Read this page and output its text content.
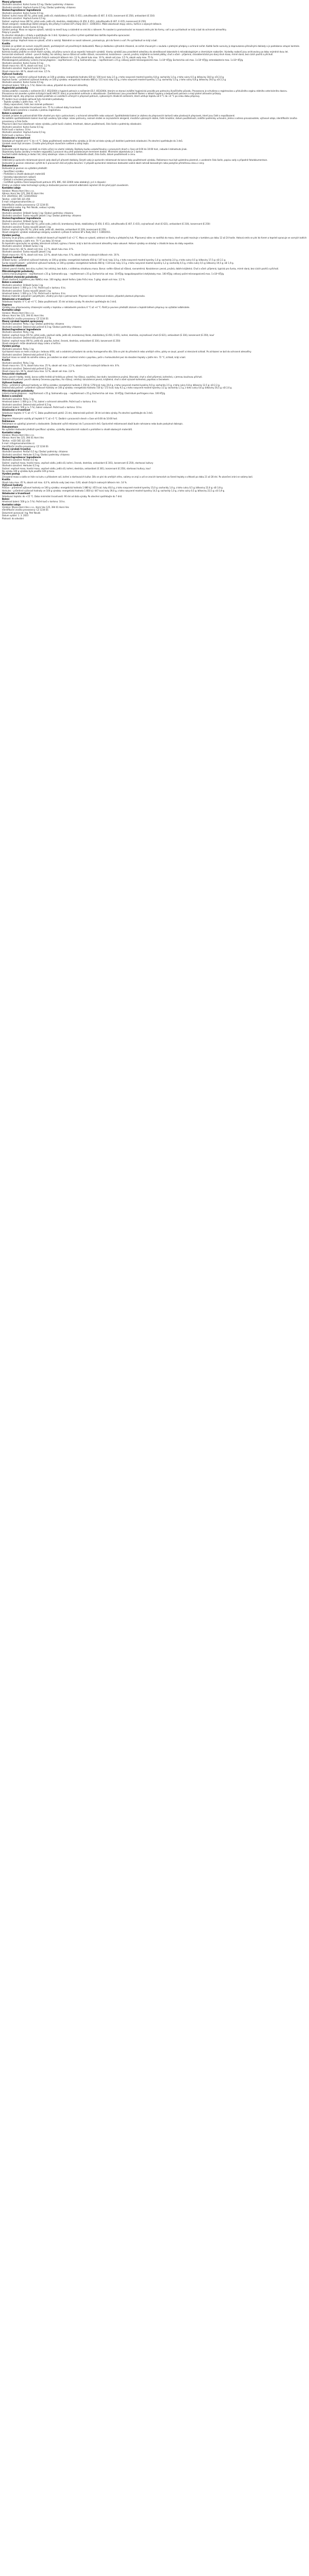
Masný přípravek

Obchodní označení: Kuřecí šunka 0,5 kg / Dodací podmínky: chlazeno

Obchodní označení: Vepřová šunka 0,5 kg / Dodací podmínky: chlazeno

Složení/Ingredience/ Ingrediencie

Obchodní označení: Kuřecí šunka 0,5 kg

Složení: kuřecí maso (85 %), pitná voda, jedlá sůl, stabilizátory (E 450, E 451), zahušťovadla (E 407, E 415), konzervant (E 250), antioxidant (E 316)

Obchodní označení: Vepřová šunka 0,5 kg

Složení: vepřové maso (80 %), pitná voda, jedlá sůl, dextróza, stabilizátory (E 450, E 451), zahušťovadla (E 407, E 415), konzervant (E 250)

Obsah alergenů: neobsahuje žádné alergeny dle přílohy II nařízení EP a Rady (EU) č. 1169/2011. Může obsahovat stopy celeru, hořčice a sójových bílkovin.

Obchodní označení: Kuřecí šunka 0,5 kg

Výrobní postup: Maso se nejprve vykostí, nakrájí na menší kusy a následně se smíchá s nálevem. Po nasolení a promasírování se masová směs plní do formy, vaří a po vychladnutí se krájí a balí do ochranné atmosféry.

Pokyny k použití:

Po otevření skladujte v chladu a spotřebujte do 3 dnů. Výrobek je určen k přímé spotřebě bez dalšího tepelného opracování.

Obchodní označení: Vepřová šunka 0,5 kg

Výrobní postup: Vepřové maso se vykostí, očistí a nakrájí. Následně se nasolí nálevem, promasíruje, plní do forem a vaří. Po vychladnutí se krájí a balí.

Kvalita

Výrobek je vyráběn ze surovin nejvyšší jakosti, pocházejících od prověřených dodavatelů. Maso je dodáváno výhradně chlazené, ze zvířat chovaných v souladu s platnými předpisy o ochraně zvířat. Každá šarže suroviny je doprovázena příslušnými doklady a je podrobena vstupní kontrole. Teplota masa při příjmu nesmí překročit 4 °C.

Kontrola kvality probíhá ve všech fázích výroby, od příjmu surovin až po expedici hotových výrobků. Vzorky výrobků jsou pravidelně odesílány do akreditované laboratoře k mikrobiologickým a chemickým rozborům. Výsledky rozborů jsou archivovány po dobu nejméně dvou let.

Senzorické vlastnosti: vzhled – povrch hladký, řez celistvý, barva růžová až světle růžová, rovnoměrná; konzistence – pevná, pružná, krájitelná na tenké plátky; chuť a vůně – příjemná, charakteristická pro daný druh masa, mírně slaná, bez cizích pachů a příchutí.

Fyzikálně-chemické požadavky: obsah čistých svalových bílkovin min. 13 %, obsah tuku max. 10 %, obsah soli max. 2,5 %, obsah vody max. 75 %.

Mikrobiologické požadavky: Listeria monocytogenes – nepřítomnost v 25 g; Salmonella spp. – nepřítomnost v 25 g; celkový počet mikroorganismů max. 1×10⁵ KTJ/g; Escherichia coli max. 1×10² KTJ/g; enterobakterie max. 1×10³ KTJ/g.

Obchodní označení: Kuřecí šunka 0,5 kg

Obsah masa min. 85 %, obsah soli max. 2,2 %.

Obchodní označení: Vepřová šunka 0,5 kg

Obsah masa min. 80 %, obsah soli max. 2,5 %.

Výživové hodnoty

Kuřecí šunka – průměrné výživové hodnoty ve 100 g výrobku: energetická hodnota 420 kJ / 100 kcal; tuky 2,5 g, z toho nasycené mastné kyseliny 0,8 g; sacharidy 1,0 g, z toho cukry 0,5 g; bílkoviny 18,0 g; sůl 2,0 g.

Vepřová šunka – průměrné výživové hodnoty ve 100 g výrobku: energetická hodnota 480 kJ / 115 kcal; tuky 4,0 g, z toho nasycené mastné kyseliny 1,5 g; sacharidy 1,0 g, z toho cukry 0,8 g; bílkoviny 19,0 g; sůl 2,3 g.

Obchodní označení: Kuřecí šunka 0,5 kg

Hmotnost balení: 500 g (± 5 %). Balení do vakua, případně do ochranné atmosféry.

Hygienické požadavky

Výroba probíhá v souladu s nařízením ES č. 852/2004 o hygieně potravin a nařízením ES č. 853/2004, kterým se stanoví zvláštní hygienická pravidla pro potraviny živočišného původu. Provozovna je schválena a registrována u příslušného orgánu státního veterinárního dozoru.

Provozovna má zaveden systém kritických bodů HACCP, který je pravidelně ověřován a aktualizován. Zaměstnanci jsou pravidelně školeni v oblasti hygieny a bezpečnosti potravin a mají platné zdravotní průkazy.

Dodavatel zajistí, aby přeprava výrobků probíhala ve vozidlech určených k přepravě potravin, vybavených chladicím zařízením, které udržuje teplotu od 0 °C do +4 °C po celou dobu přepravy.

Při dodání musí výrobek splňovat tyto minimální požadavky:

– Teplota výrobku v jádře max. +4 °C

– Obaly neporušené, čisté, bez známek poškození

– Zbývající doba minimální trvanlivosti min. 75 % z celkové doby trvanlivosti

– Každé balení označeno v souladu s platnou legislativou

Balení a označení

Výrobek je balen do potravinářské fólie vhodné pro styk s potravinami, v ochranné atmosféře nebo vakuově. Spotřebitelské balení je vloženo do přepravních kartonů nebo plastových přepravek, které jsou čisté a nepoškozené.

Na každém spotřebitelském balení musí být uvedeny tyto údaje: název potraviny, seznam složek se zvýrazněním alergenů, množství vybraných složek, čisté množství, datum použitelnosti, zvláštní podmínky uchování, jméno a adresa provozovatele, výživové údaje, identifikační značka provozovny a číslo šarže.

Přepravní obal musí obsahovat: název výrobku, počet kusů v balení, hmotnost, datum použitelnosti, číslo šarže a podmínky skladování.

Obchodní označení: Kuřecí šunka 0,5 kg

Počet kusů v kartonu: 10 ks

Obchodní označení: Vepřová šunka 0,5 kg

Počet kusů v kartonu: 10 ks

Skladování a trvanlivost

Skladujte při teplotě od 0 °C do +4 °C. Doba použitelnosti neotevřeného výrobku je 30 dní od data výroby při dodržení podmínek skladování. Po otevření spotřebujte do 3 dnů.

Výrobek nesmí být zmrazen. Chraňte před přímým slunečním světlem a zdroji tepla.

Doprava

Dodavatel zajistí dopravu výrobků na místo určení na vlastní náklady. Dodávky budou uskutečňovány v pracovních dnech v čase od 6:00 do 10:00 hod., nebude-li dohodnuto jinak.

Objednávky budou zasílány e-mailem nejpozději 2 pracovní dny před požadovaným termínem dodání. Minimální objednávka je 1 karton.

Součástí každé dodávky je dodací list, který obsahuje: název a množství dodaného zboží, číslo šarže, datum použitelnosti a cenu.

Reklamace

Odběratel je oprávněn reklamovat zjevné vady zboží při převzetí dodávky. Skryté vady je oprávněn reklamovat do konce doby použitelnosti výrobku. Reklamace musí být uplatněna písemně, s uvedením čísla šarže, popisu vady a případně fotodokumentace.

Dodavatel je povinen reklamaci vyřídit do 5 pracovních dnů od jejího doručení. V případě oprávněné reklamace dodavatel vadné zboží nahradí bezvadným nebo poskytne přiměřenou slevu z ceny.

Dokumentace

Dodavatel je povinen na vyžádání předložit:

– Specifikaci výrobku

– Prohlášení o shodě obalových materiálů

– Výsledky laboratorních rozborů

– Doklad o schválení provozovny

– Certifikát systému řízení bezpečnosti potravin (IFS, BRC, ISO 22000 nebo obdobný), je-li k dispozici

Změny ve složení nebo technologii výroby je dodavatel povinen oznámit odběrateli nejméně 30 dní před jejich zavedením.

Kontaktní údaje

Výrobce: Masna Horní Ves s.r.o.

Adresa: Horní Ves 125, 394 01 Horní Ves

IČO: 28145632, DIČ: CZ28145632

Telefon: +420 565 321 456

E-mail: info@masnahorniVes.cz

Identifikační značka provozovny: CZ 1234 ES

Odpovědná osoba: Ing. Petr Novák, vedoucí výroby

Masný přípravek

Obchodní označení: Drůbeží šunka 1 kg / Dodací podmínky: chlazeno

Obchodní označení: Šunka nejvyšší jakosti 1 kg / Dodací podmínky: chlazeno

Složení/Ingredience/ Ingrediencie

Obchodní označení: Drůbeží šunka 1 kg

Složení: kuřecí a krůtí maso (82 %), pitná voda, jedlá sůl, bramborový škrob, stabilizátory (E 450, E 451), zahušťovadla (E 407, E 415), zvýrazňovač chuti (E 621), antioxidant (E 316), konzervant (E 250)

Obchodní označení: Šunka nejvyšší jakosti 1 kg

Složení: vepřová kýta (92 %), pitná voda, jedlá sůl, dextróza, antioxidant (E 316), konzervant (E 250)

Obsah alergenů: výrobek neobsahuje alergeny uvedené v příloze II nařízení EP a Rady (EU) č. 1169/2011.

Výrobní postup

Suroviny se po příjmu uskladní v chladicích boxech při teplotě 0 až +2 °C. Maso se vykostí, odstraní se šlachy a přebytečný tuk. Připravený nálev se nastříká do masa, které se poté masíruje v tumbleru po dobu 12 až 24 hodin. Hotová směs se plní do forem a tepelně opracuje ve varných kotlích do dosažení teploty v jádře min. 70 °C po dobu 10 minut.

Po tepelném opracování se výrobky intenzivně zchladí, vyjmou z forem, krájí a balí do ochranné atmosféry nebo vakuově. Hotové výrobky se skladují v chladicím boxu do doby expedice.

Obchodní označení: Drůbeží šunka 1 kg

Obsah masa min. 82 %, obsah soli max. 2,2 %, obsah tuku max. 8 %.

Obchodní označení: Šunka nejvyšší jakosti 1 kg

Obsah masa min. 92 %, obsah soli max. 2,0 %, obsah tuku max. 6 %, obsah čistých svalových bílkovin min. 16 %.

Výživové hodnoty

Drůbeží šunka – průměrné výživové hodnoty ve 100 g výrobku: energetická hodnota 450 kJ / 107 kcal; tuky 3,0 g, z toho nasycené mastné kyseliny 1,0 g; sacharidy 2,0 g, z toho cukry 0,5 g; bílkoviny 17,5 g; sůl 2,1 g.

Šunka nejvyšší jakosti – průměrné výživové hodnoty ve 100 g výrobku: energetická hodnota 460 kJ / 110 kcal; tuky 3,5 g, z toho nasycené mastné kyseliny 1,2 g; sacharidy 0,5 g, z toho cukry 0,5 g; bílkoviny 19,5 g; sůl 1,9 g.

Senzorické vlastnosti

Vzhled: povrch hladký, bez slizu a plísní; řez celistvý, bez dutin, s viditelnou strukturou masa. Barva: světle růžová až růžová, rovnoměrná. Konzistence: pevná, pružná, dobře krájitelná. Chuť a vůně: příjemná, typická pro šunku, mírně slaná, bez cizích pachů a příchutí.

Mikrobiologické požadavky

Listeria monocytogenes – nepřítomnost v 25 g; Salmonella spp. – nepřítomnost v 25 g; Escherichia coli max. 10 KTJ/g; koagulázopozitivní stafylokoky max. 100 KTJ/g; celkový počet mikroorganismů max. 1×10⁵ KTJ/g.

Fyzikálně-chemické požadavky

Obsah dusitanů (vyjádřeno jako NaNO₂) max. 100 mg/kg; obsah fosforu (jako P₂O₅) max. 5 g/kg; obsah soli max. 2,5 %.

Balení a označení

Obchodní označení: Drůbeží šunka 1 kg

Hmotnost balení: 1 000 g (± 5 %). Počet kusů v kartonu: 6 ks.

Obchodní označení: Šunka nejvyšší jakosti 1 kg

Hmotnost balení: 1 000 g (± 5 %). Počet kusů v kartonu: 6 ks.

Obalový materiál: polyamid / polyethylen, vhodný pro styk s potravinami. Přepravní obal: kartonová krabice, případně plastová přepravka.

Skladování a trvanlivost

Skladovací teplota: 0 °C až +4 °C. Doba použitelnosti: 35 dní od data výroby. Po otevření spotřebujte do 3 dnů.

Doprava

Výrobky jsou přepravovány chlazenými vozidly s teplotou v nákladovém prostoru 0 °C až +4 °C. Řidič je povinen předložit záznam o teplotě během přepravy na vyžádání odběratele.

Kontaktní údaje

Výrobce: Masna Horní Ves s.r.o.

Adresa: Horní Ves 125, 394 01 Horní Ves

Identifikační značka provozovny: CZ 1234 ES

Masný výrobek tepelně opracovaný

Obchodní označení: Párky 1 kg / Dodací podmínky: chlazeno

Obchodní označení: Debrecínská pečeně 0,5 kg / Dodací podmínky: chlazeno

Složení/Ingredience/ Ingrediencie

Obchodní označení: Párky 1 kg

Složení: vepřové maso (55 %), pitná voda, vepřové sádlo, jedlá sůl, bramborový škrob, stabilizátory (E 450, E 451), koření, dextróza, zvýrazňovač chuti (E 621), antioxidant (E 316), konzervant (E 250), kouř

Obchodní označení: Debrecínská pečeně 0,5 kg

Složení: vepřové maso (90 %), jedlá sůl, paprika, koření, česnek, dextróza, antioxidant (E 316), konzervant (E 250)

Obsah alergenů: může obsahovat stopy celeru a hořčice.

Výrobní postup

Obchodní označení: Párky 1 kg

Vychlazené maso se mele a kutruje s ledovou tříští, solí a ostatními přísadami do vzniku homogenního díla. Dílo se plní do přírodních nebo umělých střev, párky se zauzí, povaří a intenzivně zchladí. Po zchlazení se balí do ochranné atmosféry.

Obchodní označení: Debrecínská pečeně 0,5 kg

Vepřové maso se naloží do solného nálevu, po naložení se obalí v kořenící směsi s paprikou, peče v horkovzdušné peci do dosažení teploty v jádře min. 72 °C, zchladí, krájí a balí.

Kvalita

Obchodní označení: Párky 1 kg

Obsah masa min. 55 %, obsah tuku max. 25 %, obsah soli max. 2,5 %, obsah čistých svalových bílkovin min. 8 %.

Obchodní označení: Debrecínská pečeně 0,5 kg

Obsah masa min. 90 %, obsah tuku max. 12 %, obsah soli max. 2,8 %.

Senzorické vlastnosti

Párky: povrch hladký, lesklý, barva světle hnědá až hnědá po udírení; řez růžový, soudržný, bez dutin; konzistence pružná, šťavnatá; chuť a vůně příjemná, kořeněná, s jemnou kouřovou příchutí.

Debrecínská pečeně: povrch obalený červenou paprikou, řez růžový, celistvý; konzistence pevná, krájitelná; chuť a vůně výrazně kořeněná, paprikou a česnekem.

Výživové hodnoty

Párky – průměrné výživové hodnoty ve 100 g výrobku: energetická hodnota 1 150 kJ / 278 kcal; tuky 24,0 g, z toho nasycené mastné kyseliny 9,0 g; sacharidy 2,5 g, z toho cukry 0,8 g; bílkoviny 12,5 g; sůl 2,3 g.

Debrecínská pečeně – průměrné výživové hodnoty ve 100 g výrobku: energetická hodnota 720 kJ / 172 kcal; tuky 9,5 g, z toho nasycené mastné kyseliny 3,5 g; sacharidy 1,5 g, z toho cukry 0,6 g; bílkoviny 20,5 g; sůl 2,6 g.

Mikrobiologické požadavky

Listeria monocytogenes – nepřítomnost v 25 g; Salmonella spp. – nepřítomnost v 25 g; Escherichia coli max. 10 KTJ/g; Clostridium perfringens max. 100 KTJ/g.

Balení a označení

Obchodní označení: Párky 1 kg

Hmotnost balení: 1 000 g (± 5 %), balení v ochranné atmosféře. Počet kusů v kartonu: 8 ks.

Obchodní označení: Debrecínská pečeně 0,5 kg

Hmotnost balení: 500 g (± 5 %), balení vakuově. Počet kusů v kartonu: 10 ks.

Skladování a trvanlivost

Skladovací teplota: 0 °C až +5 °C. Doba použitelnosti párků: 21 dní, debrecínské pečeně: 30 dní od data výroby. Po otevření spotřebujte do 3 dnů.

Doprava

Doprava chlazenými vozidly při teplotě 0 °C až +5 °C. Dodání v pracovních dnech v čase od 6:00 do 10:00 hod.

Reklamace

Reklamace se uplatňují písemně u dodavatele. Dodavatel vyřídí reklamaci do 5 pracovních dnů. Oprávněně reklamované zboží bude nahrazeno nebo bude poskytnut dobropis.

Dokumentace

Na vyžádání dodavatel předloží specifikaci výrobku, výsledky laboratorních rozborů a prohlášení o shodě obalových materiálů.

Kontaktní údaje

Výrobce: Masna Horní Ves s.r.o.

Adresa: Horní Ves 125, 394 01 Horní Ves

Telefon: +420 565 321 456

E-mail: info@masnahorniVes.cz

Identifikační značka provozovny: CZ 1234 ES

Masný výrobek trvanlivý

Obchodní označení: Poličan 0,5 kg / Dodací podmínky: chlazeno

Obchodní označení: Herkules 0,5 kg / Dodací podmínky: chlazeno

Složení/Ingredience/ Ingrediencie

Obchodní označení: Poličan 0,5 kg

Složení: vepřové maso, hovězí maso, vepřové sádlo, jedlá sůl, koření, česnek, dextróza, antioxidant (E 301), konzervant (E 250), startovací kultury

Obchodní označení: Herkules 0,5 kg

Složení: vepřové maso, hovězí maso, vepřové sádlo, jedlá sůl, koření, dextróza, antioxidant (E 301), konzervant (E 250), startovací kultury, kouř

Na výrobu 100 g výrobku bylo použito 140 g masa.

Výrobní postup

Zmrazené maso a sádlo se řeže na kutru s přídavkem soli, koření a startovacích kultur. Dílo se plní do umělých střev, salámy se zrají a udí ve zracích komorách za řízené teploty a vlhkosti po dobu 21 až 28 dní. Po ukončení zrání se salámy balí.

Kvalita

Obsah tuku max. 45 %, obsah soli max. 4,0 %, aktivita vody (aw) max. 0,93, obsah čistých svalových bílkovin min. 14 %.

Výživové hodnoty

Poličan – průměrné výživové hodnoty ve 100 g výrobku: energetická hodnota 1 880 kJ / 455 kcal; tuky 40,0 g, z toho nasycené mastné kyseliny 15,0 g; sacharidy 1,0 g, z toho cukry 0,5 g; bílkoviny 22,0 g; sůl 3,8 g.

Herkules – průměrné výživové hodnoty ve 100 g výrobku: energetická hodnota 1 850 kJ / 447 kcal; tuky 39,0 g, z toho nasycené mastné kyseliny 14,5 g; sacharidy 1,0 g, z toho cukry 0,5 g; bílkoviny 22,5 g; sůl 3,9 g.

Skladování a trvanlivost

Skladovací teplota: do +15 °C. Doba minimální trvanlivosti: 90 dní od data výroby. Po otevření spotřebujte do 7 dnů.

Balení

Hmotnost balení: 500 g (± 5 %). Počet kusů v kartonu: 10 ks.

Kontaktní údaje

Výrobce: Masna Horní Ves s.r.o., Horní Ves 125, 394 01 Horní Ves

Identifikační značka provozovny: CZ 1234 ES

Dokument zpracoval: Ing. Petr Novák

Datum vydání: 1. 3. 2023

Platnost: do odvolání
